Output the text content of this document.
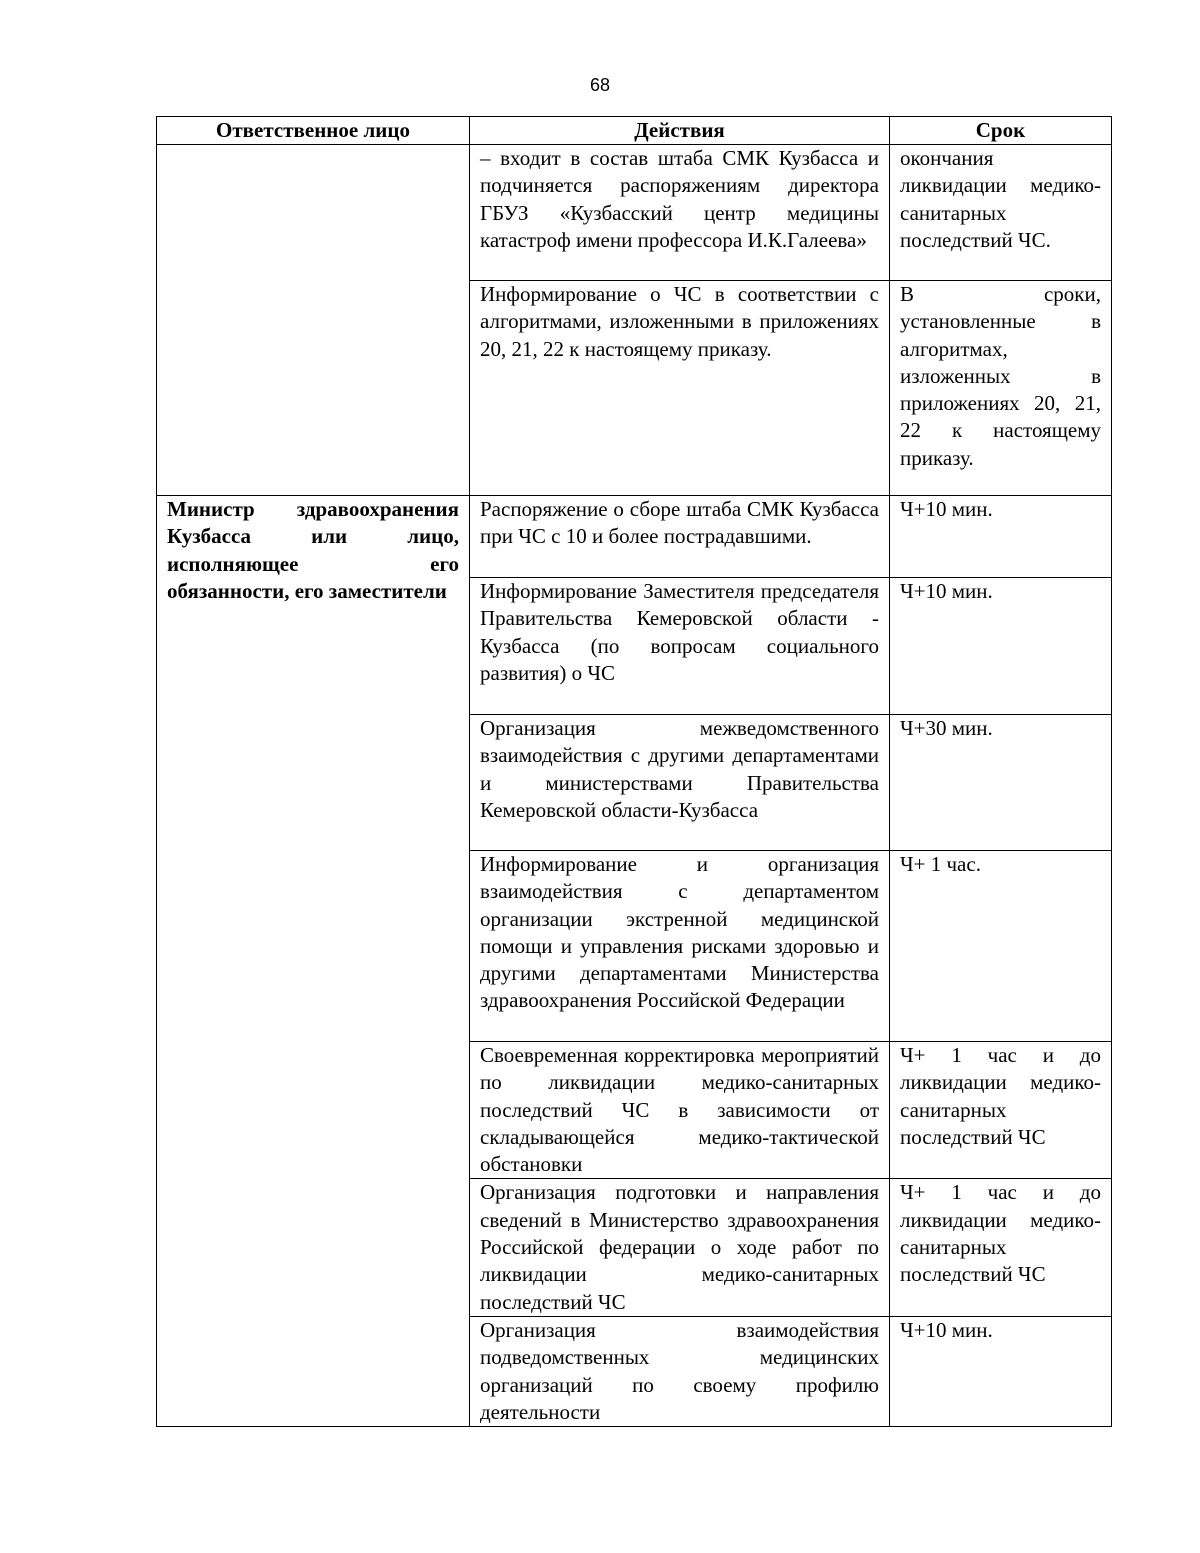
68
Ответственное лицо	Действия	Срок
	– входит в состав штаба СМК Кузбасса и подчиняется распоряжениям директора ГБУЗ «Кузбасский центр медицины катастроф имени профессора И.К.Галеева»	окончания ликвидации медико-санитарных последствий ЧС.
	Информирование о ЧС в соответствии с алгоритмами, изложенными в приложениях 20, 21, 22 к настоящему приказу.	В сроки, установленные в алгоритмах, изложенных в приложениях 20, 21, 22 к настоящему приказу.
Министр здравоохранения Кузбасса или лицо, исполняющее его обязанности, его заместители	Распоряжение о сборе штаба СМК Кузбасса при ЧС с 10 и более пострадавшими.	Ч+10 мин.
	Информирование Заместителя председателя Правительства Кемеровской области - Кузбасса (по вопросам социального развития) о ЧС	Ч+10 мин.
	Организация межведомственного взаимодействия с другими департаментами и министерствами Правительства Кемеровской области-Кузбасса	Ч+30 мин.
	Информирование и организация взаимодействия с департаментом организации экстренной медицинской помощи и управления рисками здоровью и другими департаментами Министерства здравоохранения Российской Федерации	Ч+ 1 час.
	Своевременная корректировка мероприятий по ликвидации медико-санитарных последствий ЧС в зависимости от складывающейся медико-тактической обстановки	Ч+ 1 час и до ликвидации медико-санитарных последствий ЧС
	Организация подготовки и направления сведений в Министерство здравоохранения Российской федерации о ходе работ по ликвидации медико-санитарных последствий ЧС	Ч+ 1 час и до ликвидации медико-санитарных последствий ЧС
	Организация взаимодействия подведомственных медицинских организаций по своему профилю деятельности	Ч+10 мин.
